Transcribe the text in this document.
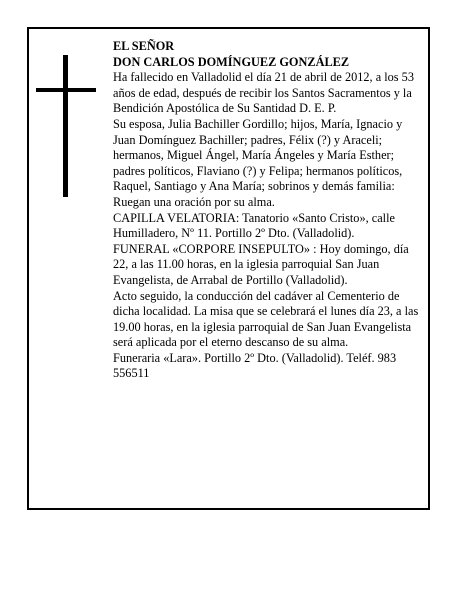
EL SEÑOR

DON CARLOS DOMÍNGUEZ GONZÁLEZ

Ha fallecido en Valladolid el día 21 de abril de 2012, a los 53 años de edad, después de recibir los Santos Sacramentos y la Bendición Apostólica de Su Santidad D. E. P.

Su esposa, Julia Bachiller Gordillo; hijos, María, Ignacio y Juan Domínguez Bachiller; padres, Félix (?) y Araceli; hermanos, Miguel Ángel, María Ángeles y María Esther; padres políticos, Flaviano (?) y Felipa; hermanos políticos, Raquel, Santiago y Ana María; sobrinos y demás familia:

Ruegan una oración por su alma.

CAPILLA VELATORIA: Tanatorio «Santo Cristo», calle Humilladero, Nº 11. Portillo 2º Dto. (Valladolid).

FUNERAL «CORPORE INSEPULTO» : Hoy domingo, día 22, a las 11.00 horas, en la iglesia parroquial San Juan Evangelista, de Arrabal de Portillo (Valladolid).

Acto seguido, la conducción del cadáver al Cementerio de dicha localidad. La misa que se celebrará el lunes día 23, a las 19.00 horas, en la iglesia parroquial de San Juan Evangelista será aplicada por el eterno descanso de su alma.

Funeraria «Lara». Portillo 2º Dto. (Valladolid). Teléf. 983 556511
